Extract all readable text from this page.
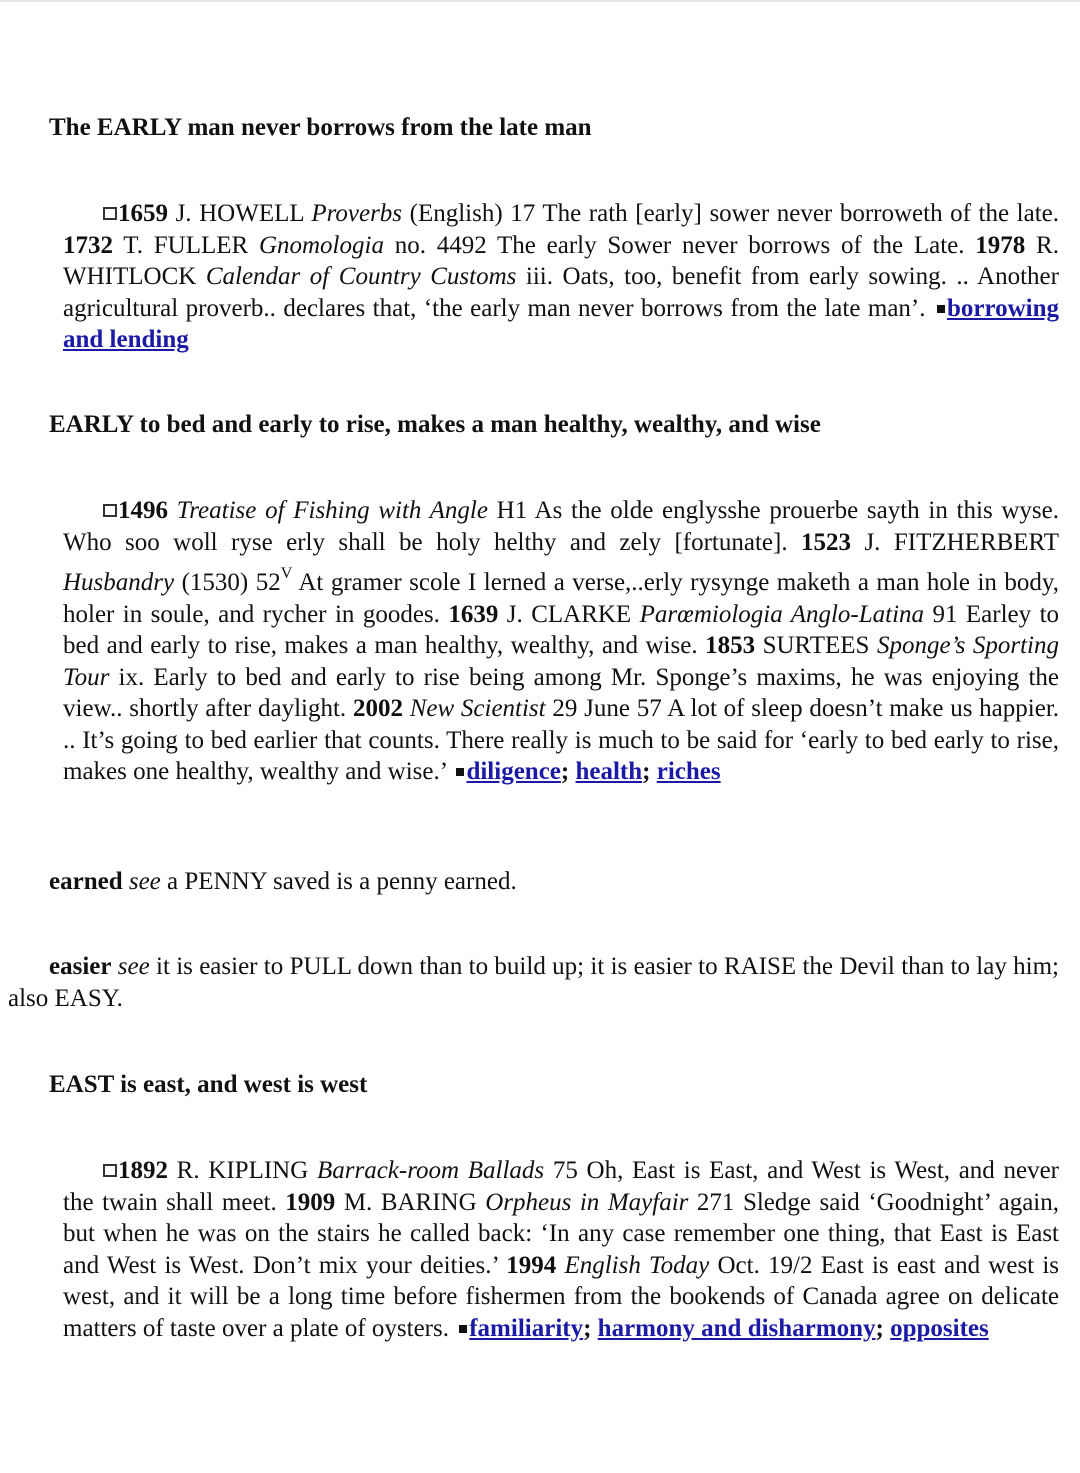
The EARLY man never borrows from the late man
1659 J. HOWELL Proverbs (English) 17 The rath [early] sower never borroweth of the late. 1732 T. FULLER Gnomologia no. 4492 The early Sower never borrows of the Late. 1978 R. WHITLOCK Calendar of Country Customs iii. Oats, too, benefit from early sowing. .. Another agricultural proverb.. declares that, ‘the early man never borrows from the late man’. borrowing and lending
EARLY to bed and early to rise, makes a man healthy, wealthy, and wise
1496 Treatise of Fishing with Angle H1 As the olde englysshe prouerbe sayth in this wyse. Who soo woll ryse erly shall be holy helthy and zely [fortunate]. 1523 J. FITZHERBERT Husbandry (1530) $52^V$ At gramer scole I lerned a verse,..erly rysynge maketh a man hole in body, holer in soule, and rycher in goodes. 1639 J. CLARKE Parœmiologia Anglo-Latina 91 Earley to bed and early to rise, makes a man healthy, wealthy, and wise. 1853 SURTEES Sponge’s Sporting Tour ix. Early to bed and early to rise being among Mr. Sponge’s maxims, he was enjoying the view.. shortly after daylight. 2002 New Scientist 29 June 57 A lot of sleep doesn’t make us happier. .. It’s going to bed earlier that counts. There really is much to be said for ‘early to bed early to rise, makes one healthy, wealthy and wise.’ diligence; health; riches
earned see a PENNY saved is a penny earned.
easier see it is easier to PULL down than to build up; it is easier to RAISE the Devil than to lay him; also EASY.
EAST is east, and west is west
1892 R. KIPLING Barrack-room Ballads 75 Oh, East is East, and West is West, and never the twain shall meet. 1909 M. BARING Orpheus in Mayfair 271 Sledge said ‘Goodnight’ again, but when he was on the stairs he called back: ‘In any case remember one thing, that East is East and West is West. Don’t mix your deities.’ 1994 English Today Oct. 19/2 East is east and west is west, and it will be a long time before fishermen from the bookends of Canada agree on delicate matters of taste over a plate of oysters. familiarity; harmony and disharmony; opposites
